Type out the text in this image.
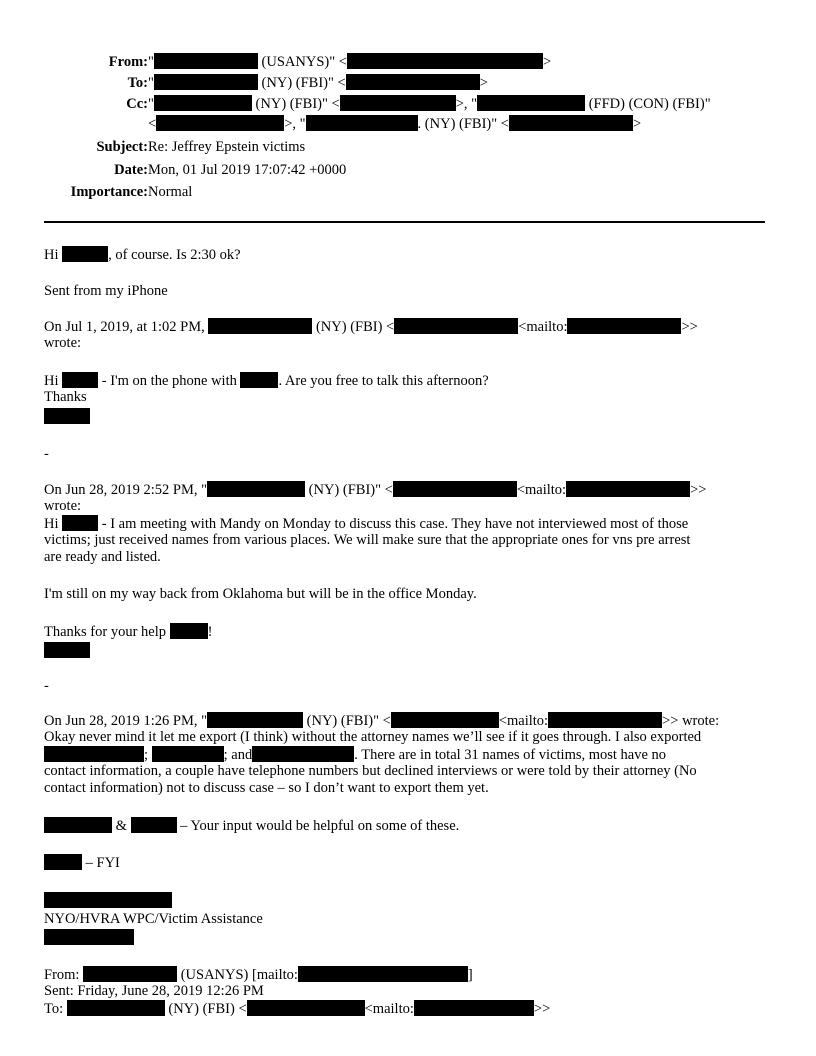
From: "	(USANYS)" <	>
To: "	(NY) (FBI)" <	>
Cc: "	(NY) (FBI)" <	>, "	(FFD) (CON) (FBI)"
<	>, "	. (NY) (FBI)" <	>
Subject: Re: Jeffrey Epstein victims
Date: Mon, 01 Jul 2019 17:07:42 +0000
Importance: Normal
Hi	, of course. Is 2:30 ok?
Sent from my iPhone
On Jul 1, 2019, at 1:02 PM,	(NY) (FBI) <	<mailto:	>>
wrote:
Hi  - I'm on the phone with	. Are you free to talk this afternoon?
Thanks
-
On Jun 28, 2019 2:52 PM, "	(NY) (FBI)" <	<mailto:	>>
wrote:
Hi  - I am meeting with Mandy on Monday to discuss this case. They have not interviewed most of those
victims; just received names from various places. We will make sure that the appropriate ones for vns pre arrest
are ready and listed.
I'm still on my way back from Oklahoma but will be in the office Monday.
Thanks for your help	!
-
On Jun 28, 2019 1:26 PM, "	(NY) (FBI)" <	<mailto:	>> wrote:
Okay never mind it let me export (I think) without the attorney names we’ll see if it goes through. I also exported
;	; and	. There are in total 31 names of victims, most have no
contact information, a couple have telephone numbers but declined interviews or were told by their attorney (No
contact information) not to discuss case – so I don’t want to export them yet.
&	– Your input would be helpful on some of these.
– FYI
NYO/HVRA WPC/Victim Assistance
From:	(USANYS) [mailto:	]
Sent: Friday, June 28, 2019 12:26 PM
To:	(NY) (FBI) <	<mailto:	>>
